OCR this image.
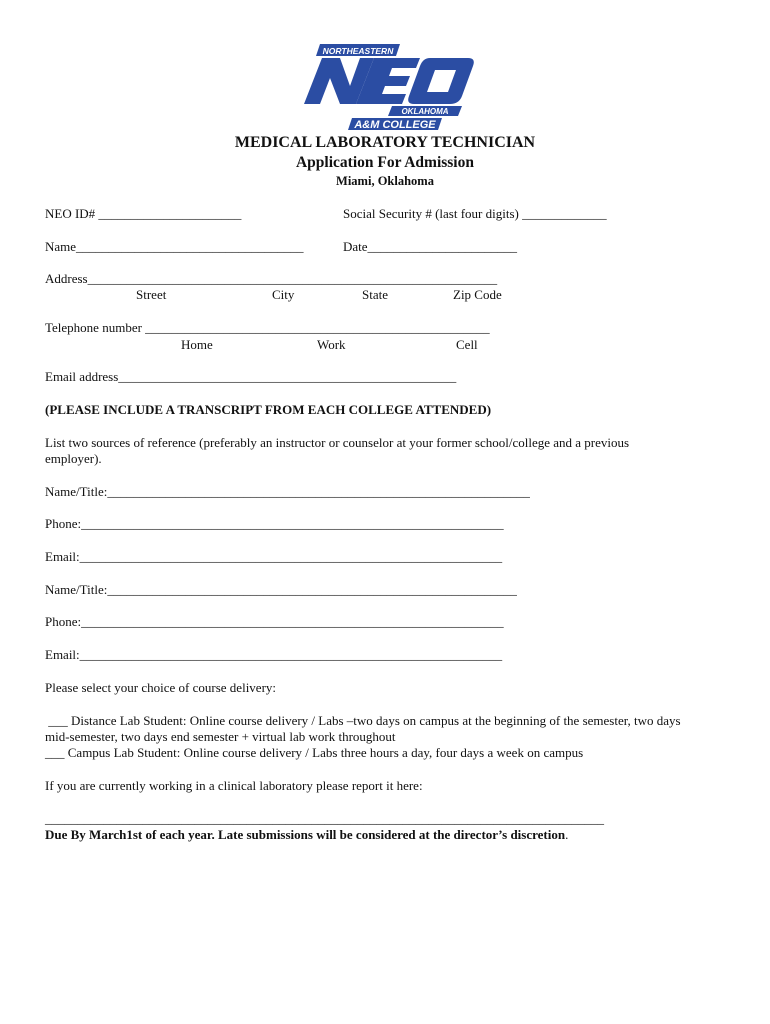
NORTHEASTERN
OKLAHOMA
A&M COLLEGE
MEDICAL LABORATORY TECHNICIAN
Application For Admission
Miami, Oklahoma
NEO ID# ______________________	Social Security # (last four digits) _____________
Name___________________________________	Date_______________________
Address_______________________________________________________________
Street	City	State	Zip Code
Telephone number _____________________________________________________
Home	Work	Cell
Email address____________________________________________________
(PLEASE INCLUDE A TRANSCRIPT FROM EACH COLLEGE ATTENDED)
List two sources of reference (preferably an instructor or counselor at your former school/college and a previous employer).
Name/Title:_________________________________________________________________
Phone:_________________________________________________________________
Email:_________________________________________________________________
Name/Title:_______________________________________________________________
Phone:_________________________________________________________________
Email:_________________________________________________________________
Please select your choice of course delivery:
___ Distance Lab Student: Online course delivery / Labs –two days on campus at the beginning of the semester, two days
mid-semester, two days end semester + virtual lab work throughout
___ Campus Lab Student: Online course delivery / Labs three hours a day, four days a week on campus
If you are currently working in a clinical laboratory please report it here:
______________________________________________________________________________________
Due By March1st of each year. Late submissions will be considered at the director’s discretion.
